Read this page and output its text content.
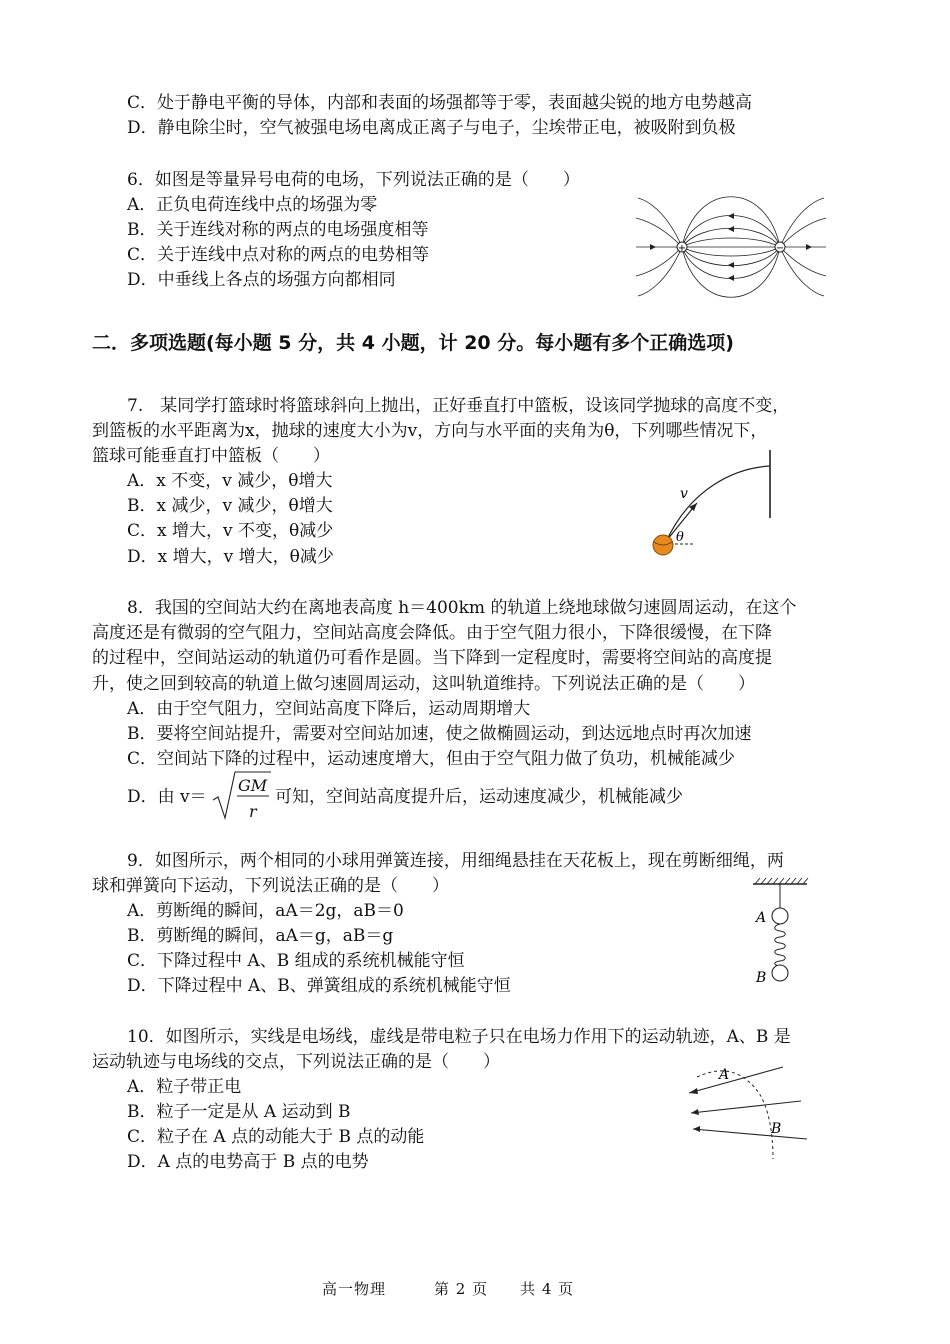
C．处于静电平衡的导体，内部和表面的场强都等于零，表面越尖锐的地方电势越高
D．静电除尘时，空气被强电场电离成正离子与电子，尘埃带正电，被吸附到负极
6．如图是等量异号电荷的电场，下列说法正确的是（　　）
A．正负电荷连线中点的场强为零
B．关于连线对称的两点的电场强度相等
C．关于连线中点对称的两点的电势相等
D．中垂线上各点的场强方向都相同
+	−
二．多项选题(每小题 5 分，共 4 小题，计 20 分。每小题有多个正确选项)
7.　某同学打篮球时将篮球斜向上抛出，正好垂直打中篮板，设该同学抛球的高度不变，
到篮板的水平距离为x，抛球的速度大小为v，方向与水平面的夹角为θ，下列哪些情况下，
篮球可能垂直打中篮板（　　）
A．x 不变，v 减少，θ增大
B．x 减少，v 减少，θ增大
C．x 增大，v 不变，θ减少
D．x 增大，v 增大，θ减少
v
θ
8．我国的空间站大约在离地表高度 h＝400km 的轨道上绕地球做匀速圆周运动，在这个
高度还是有微弱的空气阻力，空间站高度会降低。由于空气阻力很小，下降很缓慢，在下降
的过程中，空间站运动的轨道仍可看作是圆。当下降到一定程度时，需要将空间站的高度提
升，使之回到较高的轨道上做匀速圆周运动，这叫轨道维持。下列说法正确的是（　　）
A．由于空气阻力，空间站高度下降后，运动周期增大
B．要将空间站提升，需要对空间站加速，使之做椭圆运动，到达远地点时再次加速
C．空间站下降的过程中，运动速度增大，但由于空气阻力做了负功，机械能减少
D．由 v＝
GM
r
可知，空间站高度提升后，运动速度减少，机械能减少
9．如图所示，两个相同的小球用弹簧连接，用细绳悬挂在天花板上，现在剪断细绳，两
球和弹簧向下运动，下列说法正确的是（　　）
A．剪断绳的瞬间，aA＝2g，aB＝0
B．剪断绳的瞬间，aA＝g，aB＝g
C．下降过程中 A、B 组成的系统机械能守恒
D．下降过程中 A、B、弹簧组成的系统机械能守恒
A
B
10．如图所示，实线是电场线，虚线是带电粒子只在电场力作用下的运动轨迹，A、B 是
运动轨迹与电场线的交点，下列说法正确的是（　　）
A．粒子带正电
B．粒子一定是从 A 运动到 B
C．粒子在 A 点的动能大于 B 点的动能
D．A 点的电势高于 B 点的电势
A
B
高一物理　　　第 2 页　　共 4 页
